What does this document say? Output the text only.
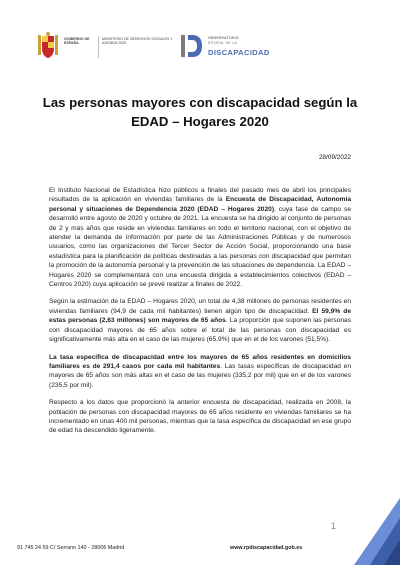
GOBIERNO DE ESPAÑA
MINISTERIO DE DERECHOS SOCIALES Y AGENDA 2030
OBSERVATORIO
ESTATAL DE LA
DISCAPACIDAD
Las personas mayores con discapacidad según la EDAD – Hogares 2020
28/09/2022

El Instituto Nacional de Estadística hizo públicos a finales del pasado mes de abril los principales resultados de la aplicación en viviendas familiares de la Encuesta de Discapacidad, Autonomía personal y situaciones de Dependencia 2020 (EDAD – Hogares 2020), cuya fase de campo se desarrolló entre agosto de 2020 y octubre de 2021. La encuesta se ha dirigido al conjunto de personas de 2 y más años que reside en viviendas familiares en todo el territorio nacional, con el objetivo de atender la demanda de información por parte de las Administraciones Públicas y de numerosos usuarios, como las organizaciones del Tercer Sector de Acción Social, proporcionando una base estadística para la planificación de políticas destinadas a las personas con discapacidad que permitan la promoción de la autonomía personal y la prevención de las situaciones de dependencia. La EDAD – Hogares 2020 se complementará con una encuesta dirigida a establecimientos colectivos (EDAD – Centros 2020) cuya aplicación se prevé realizar a finales de 2022.

Según la estimación de la EDAD – Hogares 2020, un total de 4,38 millones de personas residentes en viviendas familiares (94,9 de cada mil habitantes) tienen algún tipo de discapacidad. El 59,9% de estas personas (2,63 millones) son mayores de 65 años. La proporción que suponen las personas con discapacidad mayores de 65 años sobre el total de las personas con discapacidad es significativamente más alta en el caso de las mujeres (65,9%) que en el de los varones (51,5%).

La tasa específica de discapacidad entre los mayores de 65 años residentes en domicilios familiares es de 291,4 casos por cada mil habitantes. Las tasas específicas de discapacidad en mayores de 65 años son más altas en el caso de las mujeres (335,2 por mil) que en el de los varones (235,5 por mil).

Respecto a los datos que proporcionó la anterior encuesta de discapacidad, realizada en 2008, la población de personas con discapacidad mayores de 65 años residente en viviendas familiares se ha incrementado en unas 400 mil personas, mientras que la tasa específica de discapacidad en ese grupo de edad ha descendido ligeramente.

1
91 745 24 59 C/ Serrano 140 - 28006 Madrid	www.rpdiscapacidad.gob.es
